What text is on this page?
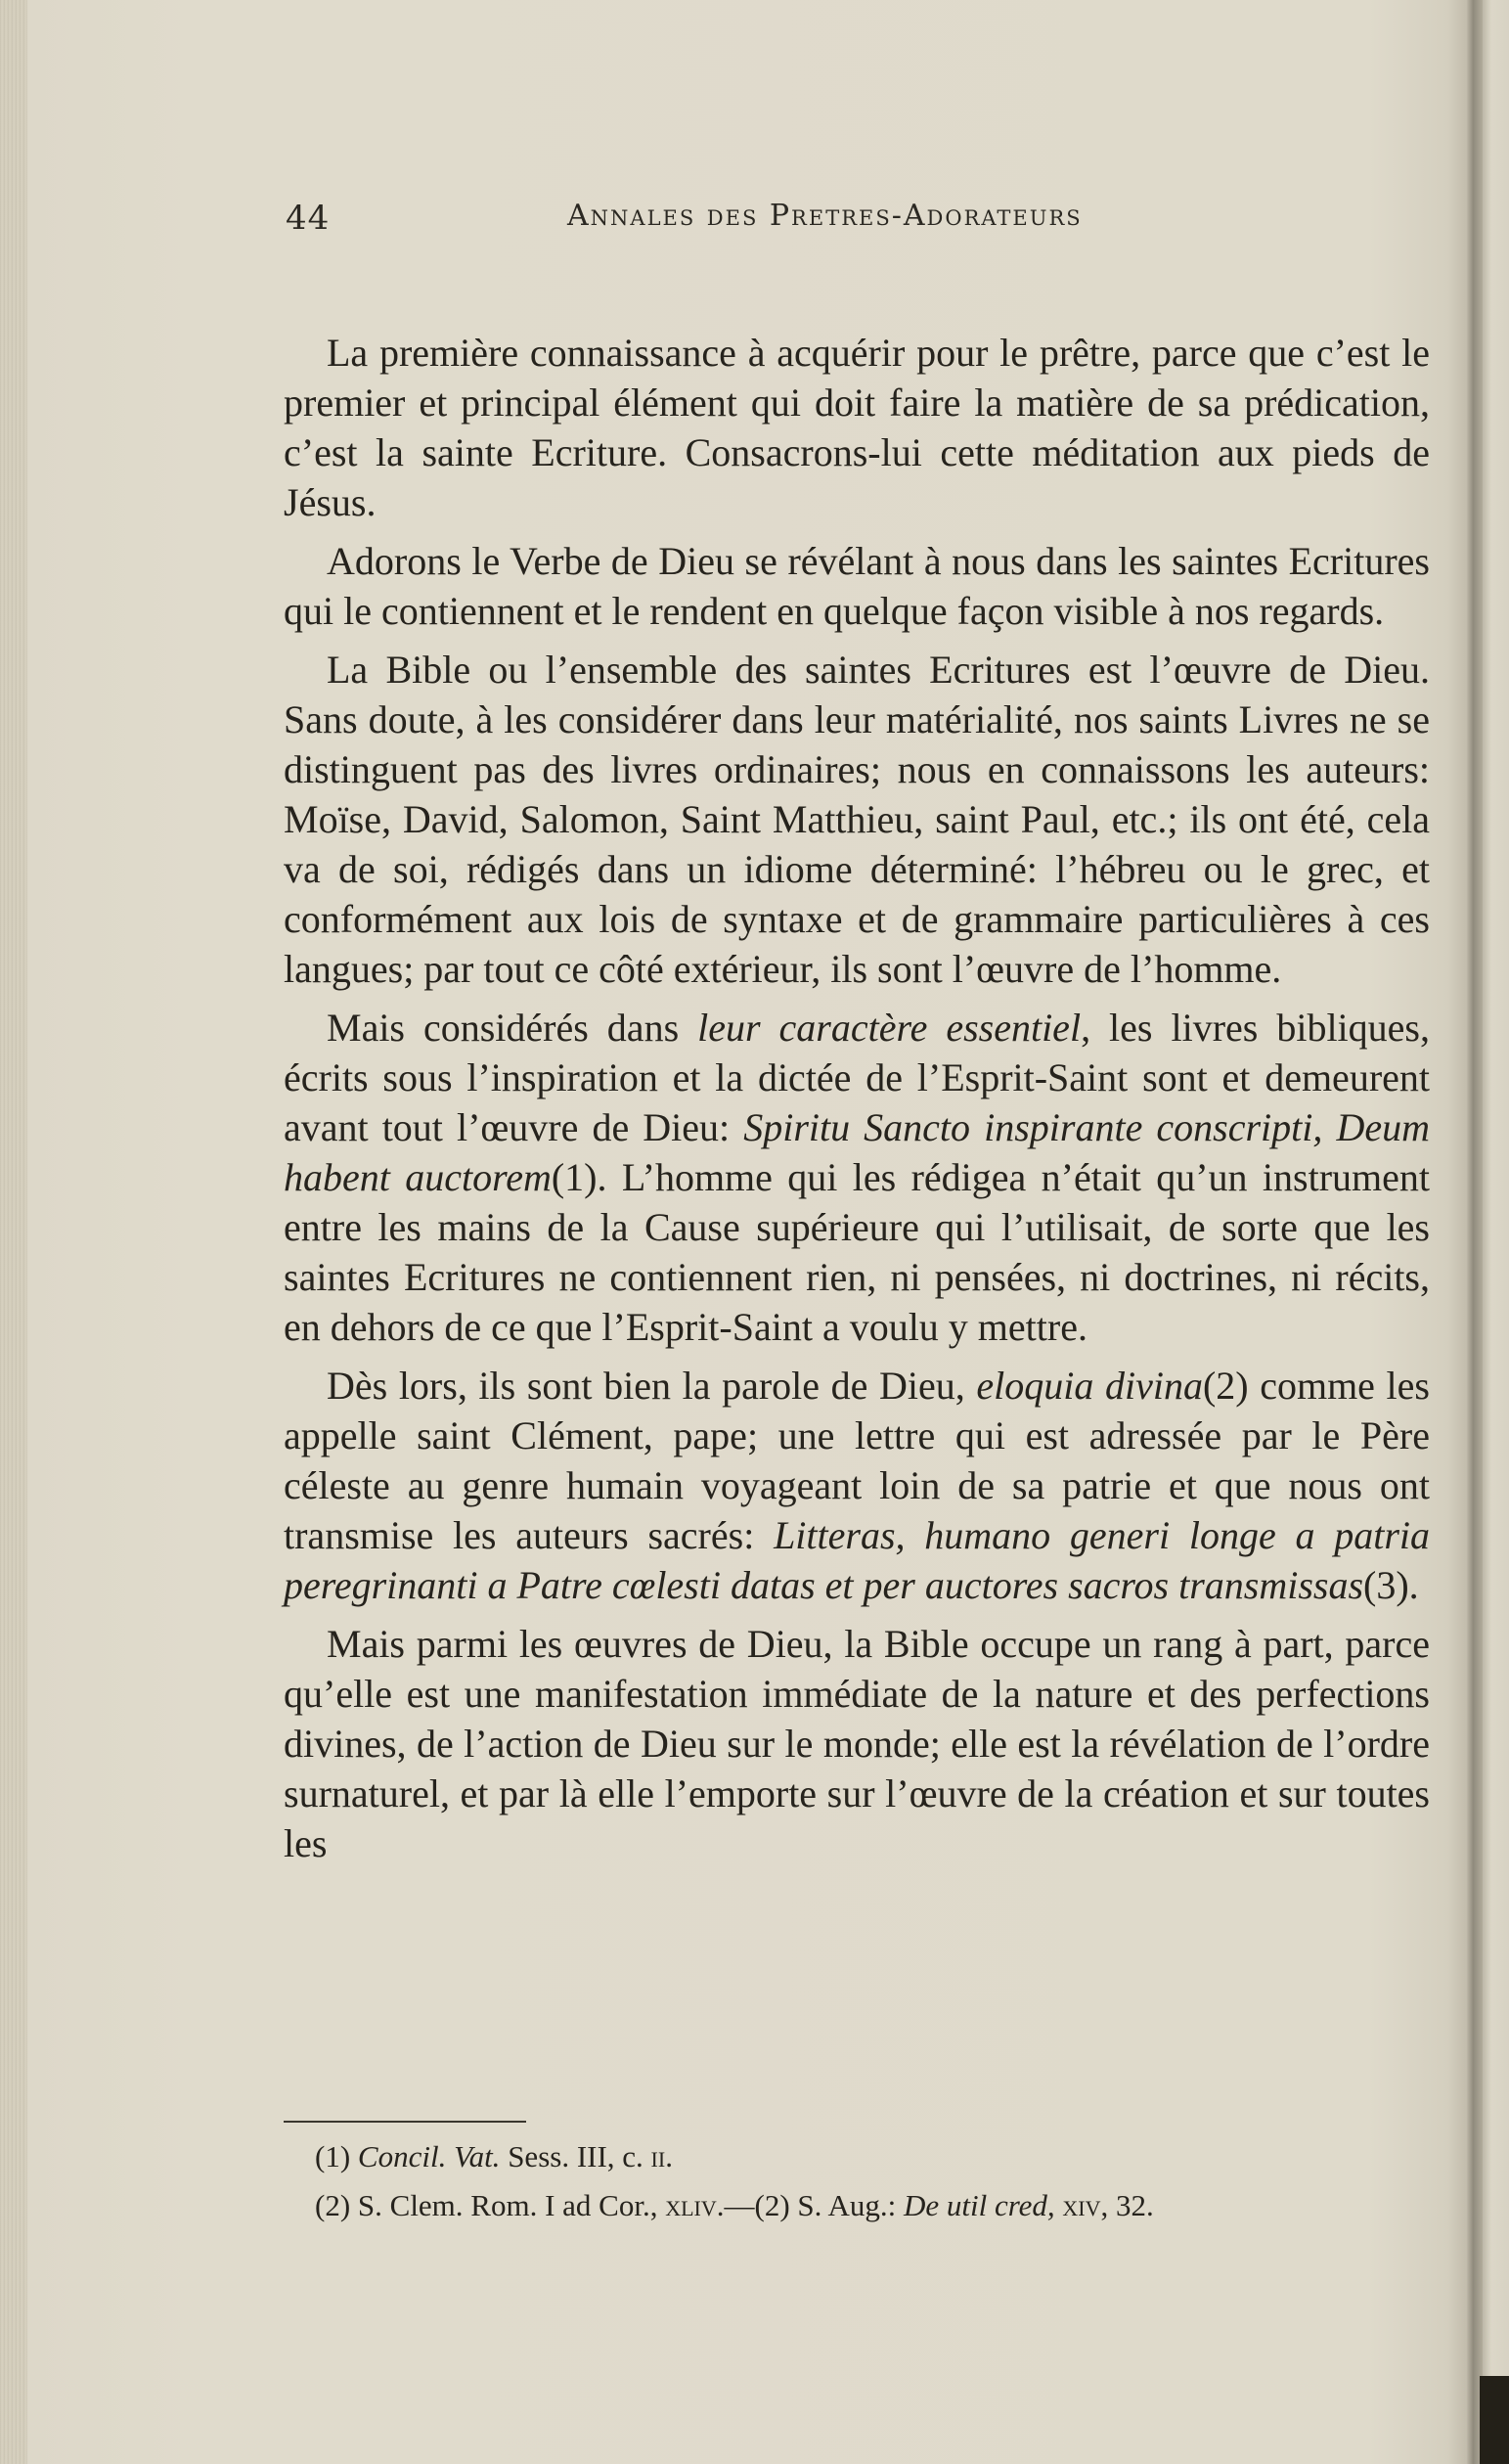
44	Annales des Pretres-Adorateurs

La première connaissance à acquérir pour le prêtre, parce que c’est le premier et principal élément qui doit faire la matière de sa prédication, c’est la sainte Ecriture. Consacrons-lui cette méditation aux pieds de Jésus.

Adorons le Verbe de Dieu se révélant à nous dans les saintes Ecritures qui le contiennent et le rendent en quelque façon visible à nos regards.

La Bible ou l’ensemble des saintes Ecritures est l’œuvre de Dieu. Sans doute, à les considérer dans leur matérialité, nos saints Livres ne se distinguent pas des livres ordinaires; nous en connaissons les auteurs: Moïse, David, Salomon, Saint Matthieu, saint Paul, etc.; ils ont été, cela va de soi, rédigés dans un idiome déterminé: l’hébreu ou le grec, et conformément aux lois de syntaxe et de grammaire particulières à ces langues; par tout ce côté extérieur, ils sont l’œuvre de l’homme.

Mais considérés dans leur caractère essentiel, les livres bibliques, écrits sous l’inspiration et la dictée de l’Esprit-Saint sont et demeurent avant tout l’œuvre de Dieu: Spiritu Sancto inspirante conscripti, Deum habent auctorem(1). L’homme qui les rédigea n’était qu’un instrument entre les mains de la Cause supérieure qui l’utilisait, de sorte que les saintes Ecritures ne contiennent rien, ni pensées, ni doctrines, ni récits, en dehors de ce que l’Esprit-Saint a voulu y mettre.

Dès lors, ils sont bien la parole de Dieu, eloquia divina(2) comme les appelle saint Clément, pape; une lettre qui est adressée par le Père céleste au genre humain voyageant loin de sa patrie et que nous ont transmise les auteurs sacrés: Litteras, humano generi longe a patria peregrinanti a Patre cœlesti datas et per auctores sacros transmissas(3).

Mais parmi les œuvres de Dieu, la Bible occupe un rang à part, parce qu’elle est une manifestation immédiate de la nature et des perfections divines, de l’action de Dieu sur le monde; elle est la révélation de l’ordre surnaturel, et par là elle l’emporte sur l’œuvre de la création et sur toutes les

(1) Concil. Vat. Sess. III, c. ii.

(2) S. Clem. Rom. I ad Cor., xliv.—(2) S. Aug.: De util cred, xiv, 32.
